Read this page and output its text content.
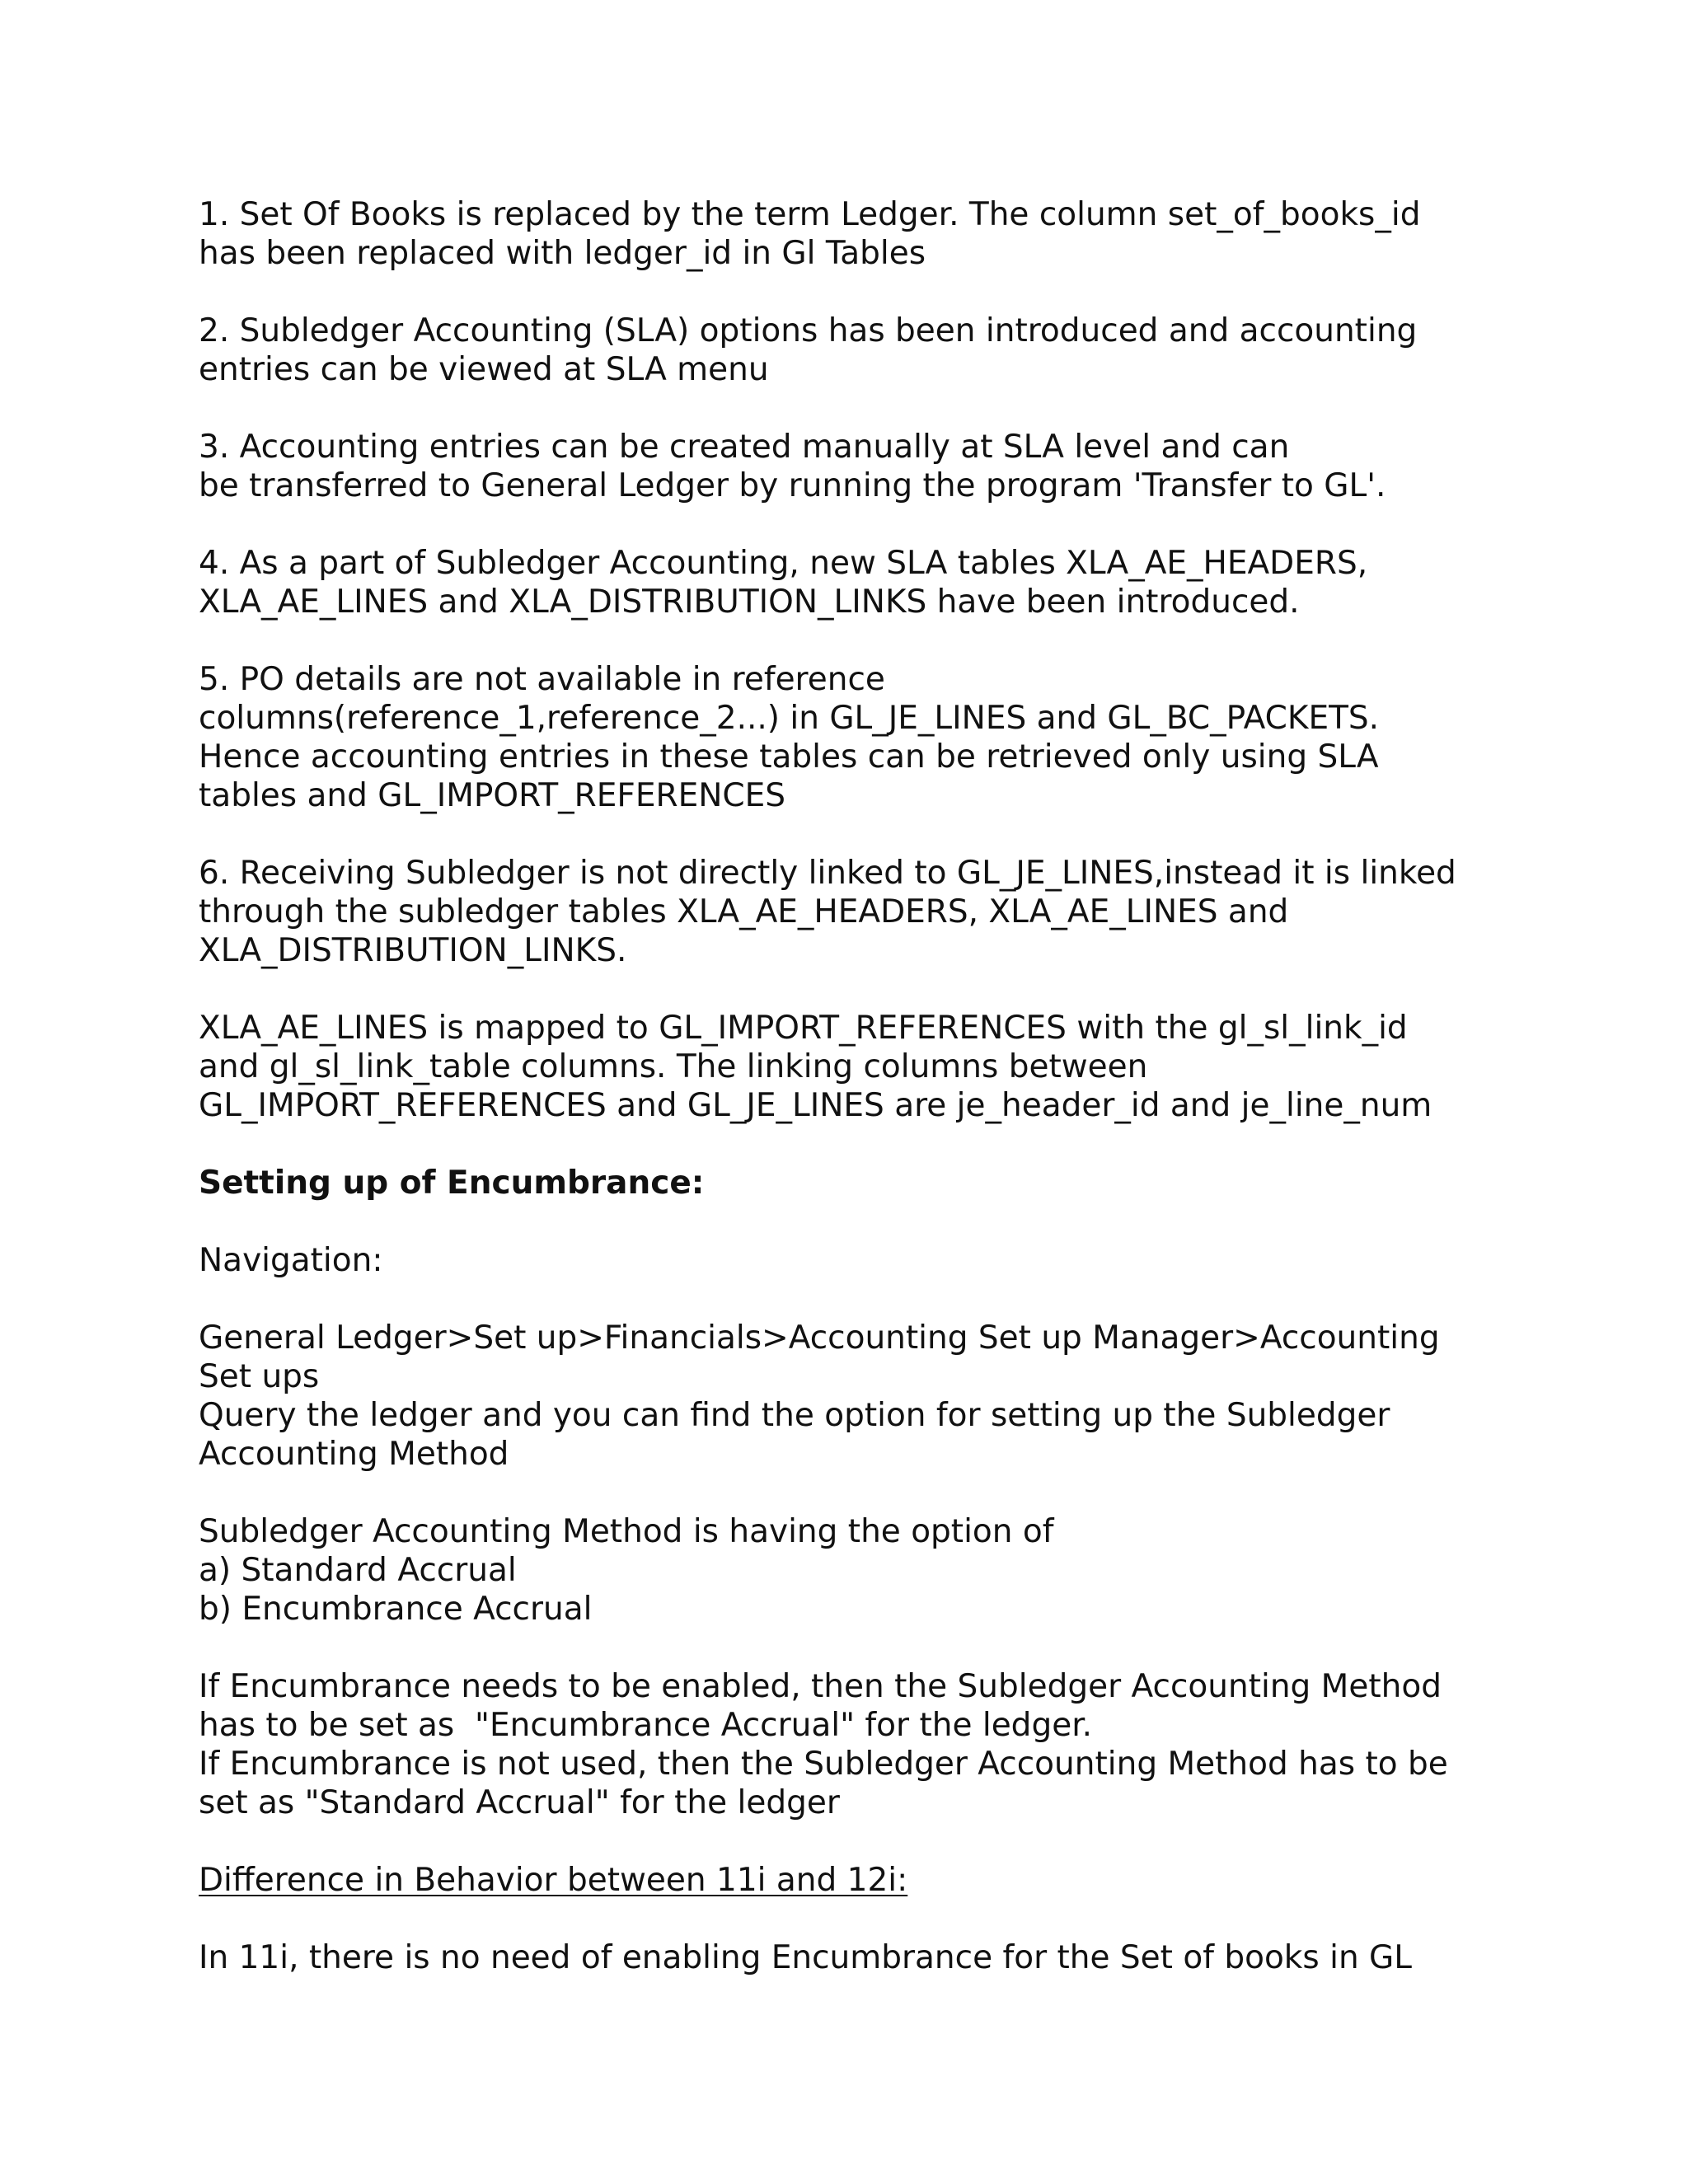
1. Set Of Books is replaced by the term Ledger. The column set_of_books_id
has been replaced with ledger_id in Gl Tables
2. Subledger Accounting (SLA) options has been introduced and accounting
entries can be viewed at SLA menu
3. Accounting entries can be created manually at SLA level and can
be transferred to General Ledger by running the program 'Transfer to GL'.
4. As a part of Subledger Accounting, new SLA tables XLA_AE_HEADERS,
XLA_AE_LINES and XLA_DISTRIBUTION_LINKS have been introduced.
5. PO details are not available in reference
columns(reference_1,reference_2...) in GL_JE_LINES and GL_BC_PACKETS.
Hence accounting entries in these tables can be retrieved only using SLA
tables and GL_IMPORT_REFERENCES
6. Receiving Subledger is not directly linked to GL_JE_LINES,instead it is linked
through the subledger tables XLA_AE_HEADERS, XLA_AE_LINES and
XLA_DISTRIBUTION_LINKS.
XLA_AE_LINES is mapped to GL_IMPORT_REFERENCES with the gl_sl_link_id
and gl_sl_link_table columns. The linking columns between
GL_IMPORT_REFERENCES and GL_JE_LINES are je_header_id and je_line_num
Setting up of Encumbrance:
Navigation:
General Ledger>Set up>Financials>Accounting Set up Manager>Accounting
Set ups
Query the ledger and you can find the option for setting up the Subledger
Accounting Method
Subledger Accounting Method is having the option of
a) Standard Accrual
b) Encumbrance Accrual
If Encumbrance needs to be enabled, then the Subledger Accounting Method
has to be set as  "Encumbrance Accrual" for the ledger.
If Encumbrance is not used, then the Subledger Accounting Method has to be
set as "Standard Accrual" for the ledger
Difference in Behavior between 11i and 12i:
In 11i, there is no need of enabling Encumbrance for the Set of books in GL
